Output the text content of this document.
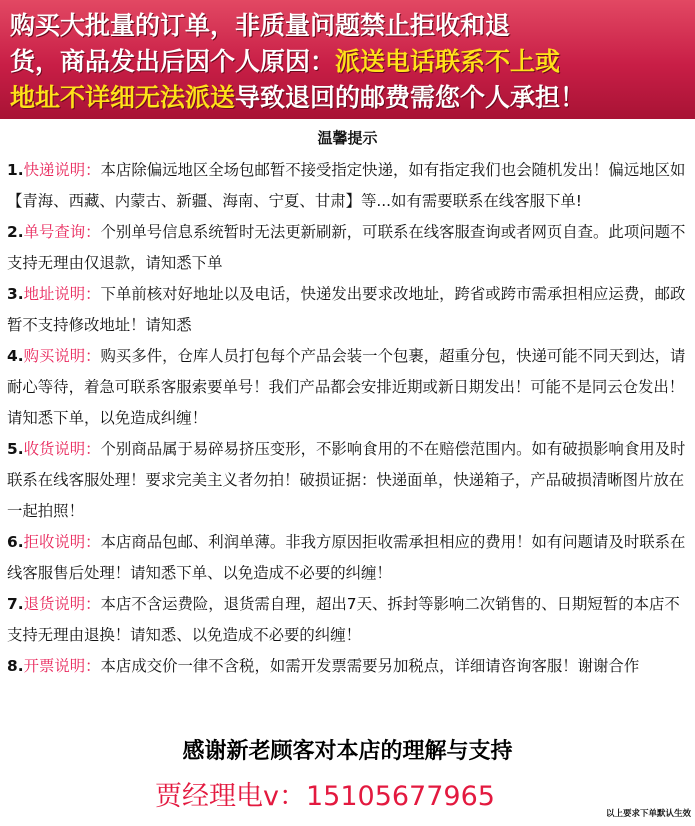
购买大批量的订单，非质量问题禁止拒收和退
货，商品发出后因个人原因：派送电话联系不上或
地址不详细无法派送导致退回的邮费需您个人承担！
温馨提示
1.快递说明：本店除偏远地区全场包邮暂不接受指定快递，如有指定我们也会随机发出！偏远地区如【青海、西藏、内蒙古、新疆、海南、宁夏、甘肃】等...如有需要联系在线客服下单!
2.单号查询：个别单号信息系统暂时无法更新刷新，可联系在线客服查询或者网页自查。此项问题不支持无理由仅退款，请知悉下单
3.地址说明：下单前核对好地址以及电话，快递发出要求改地址，跨省或跨市需承担相应运费，邮政暂不支持修改地址！请知悉
4.购买说明：购买多件，仓库人员打包每个产品会装一个包裹，超重分包，快递可能不同天到达，请耐心等待，着急可联系客服索要单号！我们产品都会安排近期或新日期发出！可能不是同云仓发出！请知悉下单，以免造成纠缠！
5.收货说明：个别商品属于易碎易挤压变形，不影响食用的不在赔偿范围内。如有破损影响食用及时联系在线客服处理！要求完美主义者勿拍！破损证据：快递面单，快递箱子，产品破损清晰图片放在一起拍照！
6.拒收说明：本店商品包邮、利润单薄。非我方原因拒收需承担相应的费用！如有问题请及时联系在线客服售后处理！请知悉下单、以免造成不必要的纠缠！
7.退货说明：本店不含运费险，退货需自理，超出7天、拆封等影响二次销售的、日期短暂的本店不支持无理由退换！请知悉、以免造成不必要的纠缠！
8.开票说明：本店成交价一律不含税，如需开发票需要另加税点，详细请咨询客服！谢谢合作
感谢新老顾客对本店的理解与支持
贾经理电v：15105677965
以上要求下单默认生效
